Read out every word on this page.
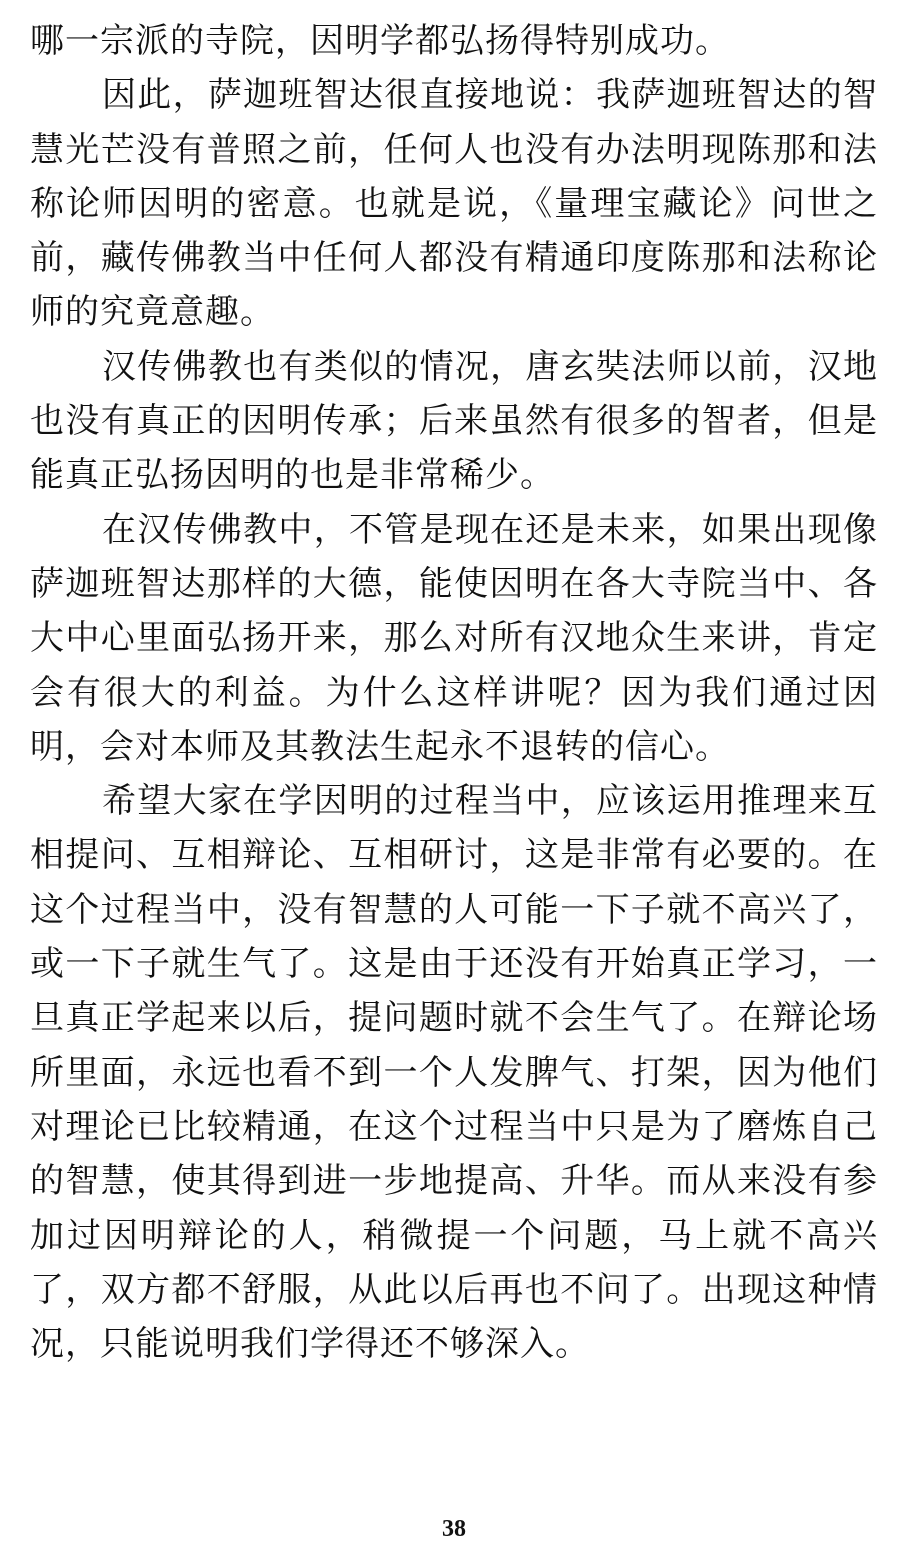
哪一宗派的寺院，因明学都弘扬得特别成功。

因此，萨迦班智达很直接地说：我萨迦班智达的智慧光芒没有普照之前，任何人也没有办法明现陈那和法称论师因明的密意。也就是说，《量理宝藏论》问世之前，藏传佛教当中任何人都没有精通印度陈那和法称论师的究竟意趣。

汉传佛教也有类似的情况，唐玄奘法师以前，汉地也没有真正的因明传承；后来虽然有很多的智者，但是能真正弘扬因明的也是非常稀少。

在汉传佛教中，不管是现在还是未来，如果出现像萨迦班智达那样的大德，能使因明在各大寺院当中、各大中心里面弘扬开来，那么对所有汉地众生来讲，肯定会有很大的利益。为什么这样讲呢？因为我们通过因明，会对本师及其教法生起永不退转的信心。

希望大家在学因明的过程当中，应该运用推理来互相提问、互相辩论、互相研讨，这是非常有必要的。在这个过程当中，没有智慧的人可能一下子就不高兴了，或一下子就生气了。这是由于还没有开始真正学习，一旦真正学起来以后，提问题时就不会生气了。在辩论场所里面，永远也看不到一个人发脾气、打架，因为他们对理论已比较精通，在这个过程当中只是为了磨炼自己的智慧，使其得到进一步地提高、升华。而从来没有参加过因明辩论的人，稍微提一个问题，马上就不高兴了，双方都不舒服，从此以后再也不问了。出现这种情况，只能说明我们学得还不够深入。

38
